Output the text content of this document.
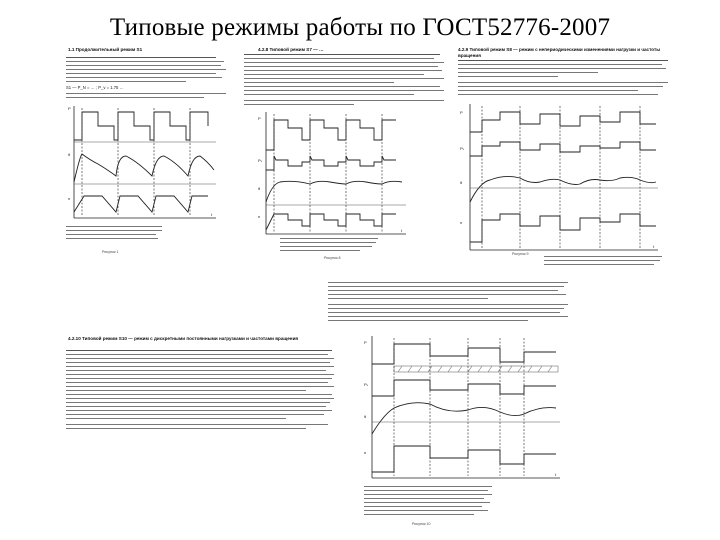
Типовые режимы работы по ГОСТ52776-2007
1.1 Продолжительный режим S1
S1 — P_N = … ; P_v = 1.75 …
P
θ
n
t
Рисунок 1
4.2.8 Типовой режим S7 — …
P
Pv
θ
n
t
Рисунок 8
4.2.9 Типовой режим S8 — режим с непериодическими изменениями нагрузки и частоты вращения
P
Pv
θ
n
t
Рисунок 9
4.2.10 Типовой режим S10 — режим с дискретными постоянными нагрузками и частотами вращения
P
Pv
θ
n
t
Рисунок 10
